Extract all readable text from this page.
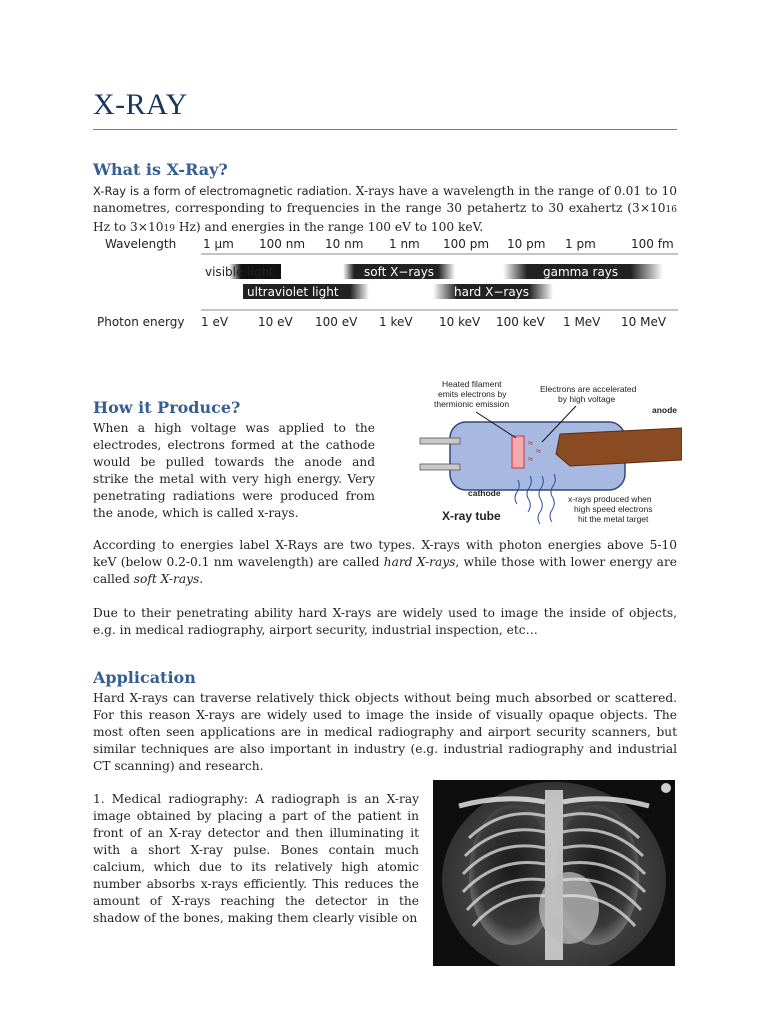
X-RAY
What is X-Ray?
X-Ray is a form of electromagnetic radiation. X-rays have a wavelength in the range of 0.01 to 10 nanometres, corresponding to frequencies in the range 30 petahertz to 30 exahertz (3×1016 Hz to 3×1019 Hz) and energies in the range 100 eV to 100 keV.
Wavelength 1 μm 100 nm 10 nm 1 nm 100 pm 10 pm 1 pm	100 fm
visible light	soft X−rays	gamma rays
ultraviolet light	hard X−rays
Photon energy 1 eV 10 eV 100 eV 1 keV 10 keV 100 keV 1 MeV 10 MeV
How it Produce?
When a high voltage was applied to the electrodes, electrons formed at the cathode would be pulled towards the anode and strike the metal with very high energy. Very penetrating radiations were produced from the anode, which is called x-rays.
Heated filament emits electrons by thermionic emission
Electrons are accelerated by high voltage
anode
≈
≈
≈
cathode
X-ray tube
x-rays produced when high speed electrons hit the metal target
According to energies label X-Rays are two types. X-rays with photon energies above 5-10 keV (below 0.2-0.1 nm wavelength) are called hard X-rays, while those with lower energy are called soft X-rays.
Due to their penetrating ability hard X-rays are widely used to image the inside of objects, e.g. in medical radiography, airport security, industrial inspection, etc…
Application
Hard X-rays can traverse relatively thick objects without being much absorbed or scattered. For this reason X-rays are widely used to image the inside of visually opaque objects. The most often seen applications are in medical radiography and airport security scanners, but similar techniques are also important in industry (e.g. industrial radiography and industrial CT scanning) and research.
1. Medical radiography: A radiograph is an X-ray image obtained by placing a part of the patient in front of an X-ray detector and then illuminating it with a short X-ray pulse. Bones contain much calcium, which due to its relatively high atomic number absorbs x-rays efficiently. This reduces the amount of X-rays reaching the detector in the shadow of the bones, making them clearly visible on
